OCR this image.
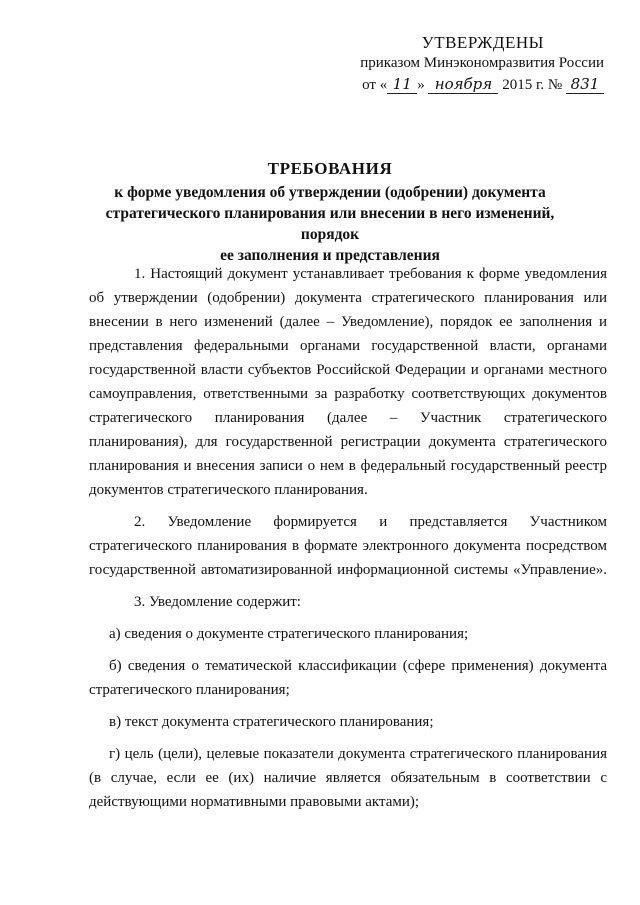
УТВЕРЖДЕНЫ
приказом Минэкономразвития России
от « 11 » ноября 2015 г. № 831
ТРЕБОВАНИЯ
к форме уведомления об утверждении (одобрении) документа
стратегического планирования или внесении в него изменений, порядок
ее заполнения и представления

1. Настоящий документ устанавливает требования к форме уведомления об утверждении (одобрении) документа стратегического планирования или внесении в него изменений (далее – Уведомление), порядок ее заполнения и представления федеральными органами государственной власти, органами государственной власти субъектов Российской Федерации и органами местного самоуправления, ответственными за разработку соответствующих документов стратегического планирования (далее – Участник стратегического планирования), для государственной регистрации документа стратегического планирования и внесения записи о нем в федеральный государственный реестр документов стратегического планирования.

2. Уведомление формируется и представляется Участником стратегического планирования в формате электронного документа посредством государственной автоматизированной информационной системы «Управление».

3. Уведомление содержит:

а) сведения о документе стратегического планирования;

б) сведения о тематической классификации (сфере применения) документа стратегического планирования;

в) текст документа стратегического планирования;

г) цель (цели), целевые показатели документа стратегического планирования (в случае, если ее (их) наличие является обязательным в соответствии с действующими нормативными правовыми актами);
